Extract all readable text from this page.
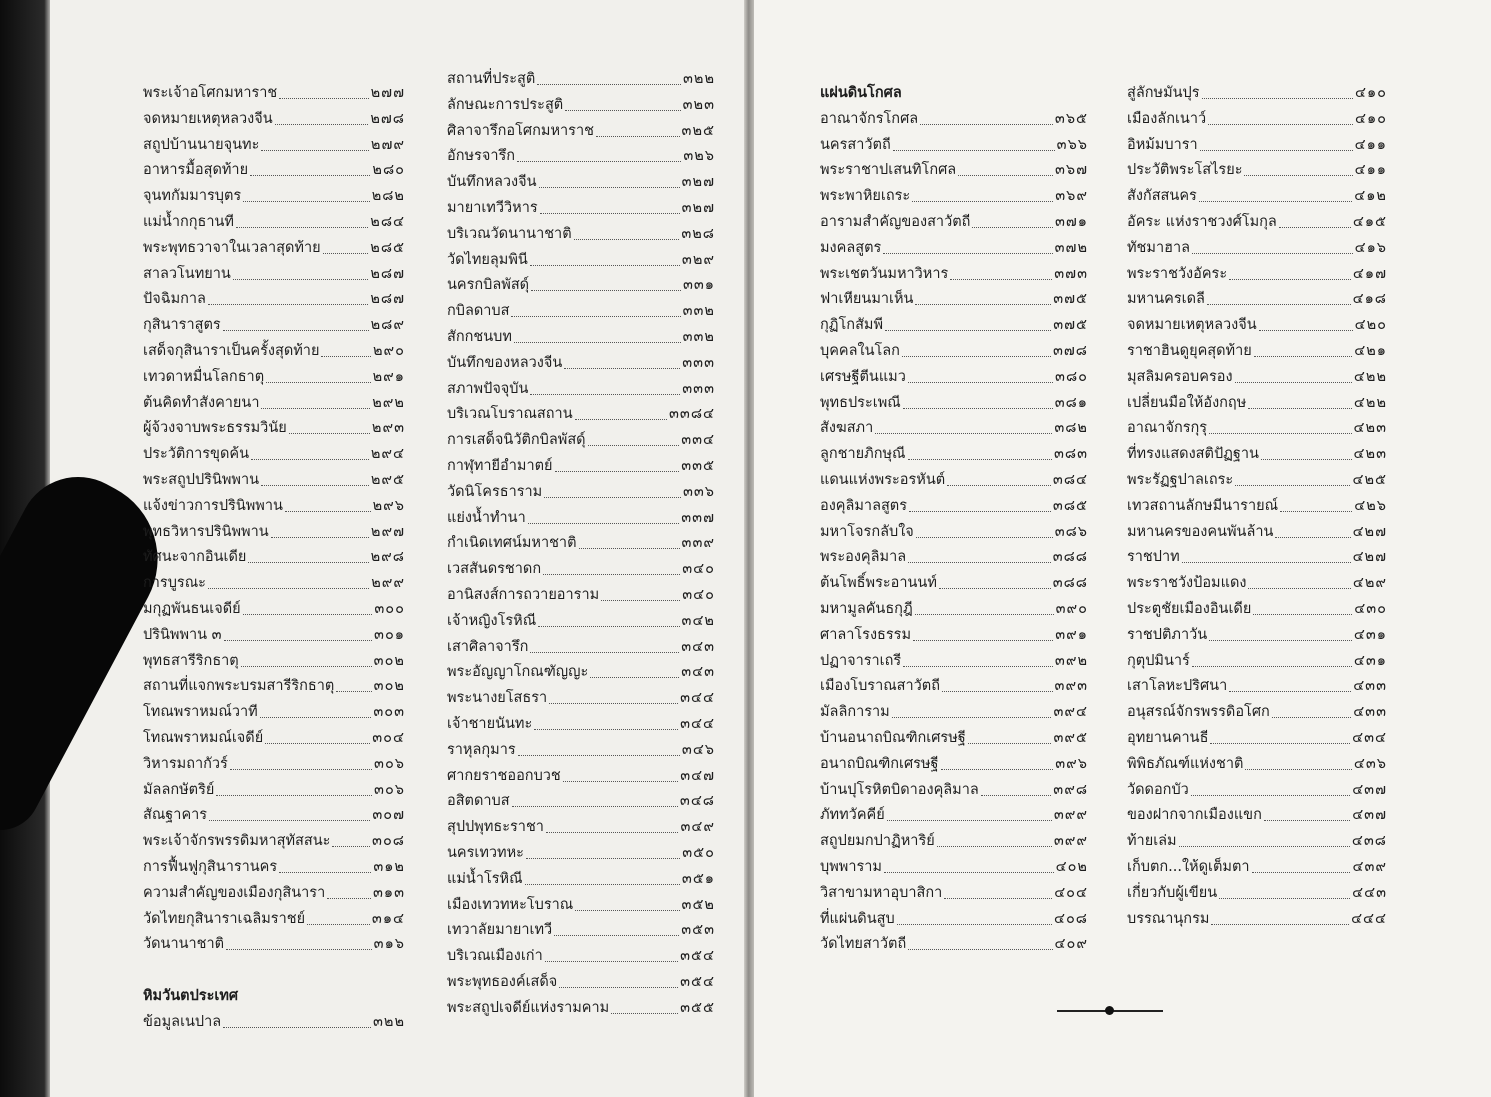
พระเจ้าอโศกมหาราช	๒๗๗
จดหมายเหตุหลวงจีน	๒๗๘
สถูปบ้านนายจุนทะ	๒๗๙
อาหารมื้อสุดท้าย	๒๘๐
จุนทกัมมารบุตร	๒๘๒
แม่น้ำกกุธานที	๒๘๔
พระพุทธวาจาในเวลาสุดท้าย	๒๘๕
สาลวโนทยาน	๒๘๗
ปัจฉิมกาล	๒๘๗
กุสินาราสูตร	๒๘๙
เสด็จกุสินาราเป็นครั้งสุดท้าย	๒๙๐
เทวดาหมื่นโลกธาตุ	๒๙๑
ต้นคิดทำสังคายนา	๒๙๒
ผู้จ้วงจาบพระธรรมวินัย	๒๙๓
ประวัติการขุดค้น	๒๙๔
พระสถูปปรินิพพาน	๒๙๕
แจ้งข่าวการปรินิพพาน	๒๙๖
พุทธวิหารปรินิพพาน	๒๙๗
ทัศนะจากอินเดีย	๒๙๘
การบูรณะ	๒๙๙
มกุฏพันธนเจดีย์	๓๐๐
ปรินิพพาน ๓	๓๐๑
พุทธสารีริกธาตุ	๓๐๒
สถานที่แจกพระบรมสารีริกธาตุ	๓๐๒
โทณพราหมณ์วาที	๓๐๓
โทณพราหมณ์เจดีย์	๓๐๔
วิหารมถากัวร์	๓๐๖
มัลลกษัตริย์	๓๐๖
สัณฐาคาร	๓๐๗
พระเจ้าจักรพรรดิมหาสุทัสสนะ	๓๐๘
การฟื้นฟูกุสินารานคร	๓๑๒
ความสำคัญของเมืองกุสินารา	๓๑๓
วัดไทยกุสินาราเฉลิมราชย์	๓๑๔
วัดนานาชาติ	๓๑๖
หิมวันตประเทศ
ข้อมูลเนปาล	๓๒๒
สถานที่ประสูติ	๓๒๒
ลักษณะการประสูติ	๓๒๓
ศิลาจารึกอโศกมหาราช	๓๒๕
อักษรจารึก	๓๒๖
บันทึกหลวงจีน	๓๒๗
มายาเทวีวิหาร	๓๒๗
บริเวณวัดนานาชาติ	๓๒๘
วัดไทยลุมพินี	๓๒๙
นครกบิลพัสดุ์	๓๓๑
กบิลดาบส	๓๓๒
สักกชนบท	๓๓๒
บันทึกของหลวงจีน	๓๓๓
สภาพปัจจุบัน	๓๓๓
บริเวณโบราณสถาน	๓๓๘๔
การเสด็จนิวัติกบิลพัสดุ์	๓๓๔
กาฬุทายีอำมาตย์	๓๓๕
วัดนิโครธาราม	๓๓๖
แย่งน้ำทำนา	๓๓๗
กำเนิดเทศน์มหาชาติ	๓๓๙
เวสสันดรชาดก	๓๔๐
อานิสงส์การถวายอาราม	๓๔๐
เจ้าหญิงโรหิณี	๓๔๒
เสาศิลาจารึก	๓๔๓
พระอัญญาโกณฑัญญะ	๓๔๓
พระนางยโสธรา	๓๔๔
เจ้าชายนันทะ	๓๔๔
ราหุลกุมาร	๓๔๖
ศากยราชออกบวช	๓๔๗
อสิตดาบส	๓๔๘
สุปปพุทธะราชา	๓๔๙
นครเทวทหะ	๓๕๐
แม่น้ำโรหิณี	๓๕๑
เมืองเทวทหะโบราณ	๓๕๒
เทวาลัยมายาเทวี	๓๕๓
บริเวณเมืองเก่า	๓๕๔
พระพุทธองค์เสด็จ	๓๕๔
พระสถูปเจดีย์แห่งรามคาม	๓๕๕
แผ่นดินโกศล
อาณาจักรโกศล	๓๖๕
นครสาวัตถี	๓๖๖
พระราชาปเสนทิโกศล	๓๖๗
พระพาหิยเถระ	๓๖๙
อารามสำคัญของสาวัตถี	๓๗๑
มงคลสูตร	๓๗๒
พระเชตวันมหาวิหาร	๓๗๓
ฟาเหียนมาเห็น	๓๗๕
กุฏิโกสัมพี	๓๗๕
บุคคลในโลก	๓๗๘
เศรษฐีตีนแมว	๓๘๐
พุทธประเพณี	๓๘๑
สังฆสภา	๓๘๒
ลูกชายภิกษุณี	๓๘๓
แดนแห่งพระอรหันต์	๓๘๔
องคุลิมาลสูตร	๓๘๕
มหาโจรกลับใจ	๓๘๖
พระองคุลิมาล	๓๘๘
ต้นโพธิ์พระอานนท์	๓๘๘
มหามูลคันธกุฎี	๓๙๐
ศาลาโรงธรรม	๓๙๑
ปฏาจาราเถรี	๓๙๒
เมืองโบราณสาวัตถี	๓๙๓
มัลลิการาม	๓๙๔
บ้านอนาถบิณฑิกเศรษฐี	๓๙๕
อนาถบิณฑิกเศรษฐี	๓๙๖
บ้านปุโรหิตบิดาองคุลิมาล	๓๙๘
ภัททวัคคีย์	๓๙๙
สถูปยมกปาฏิหาริย์	๓๙๙
บุพพาราม	๔๐๒
วิสาขามหาอุบาสิกา	๔๐๔
ที่แผ่นดินสูบ	๔๐๘
วัดไทยสาวัตถี	๔๐๙
สู่ลักษมันปุร	๔๑๐
เมืองลักเนาว์	๔๑๐
อิหม้มบารา	๔๑๑
ประวัติพระโสไรยะ	๔๑๑
สังกัสสนคร	๔๑๒
อัคระ แห่งราชวงศ์โมกุล	๔๑๕
ทัชมาฮาล	๔๑๖
พระราชวังอัคระ	๔๑๗
มหานครเดลี	๔๑๘
จดหมายเหตุหลวงจีน	๔๒๐
ราชาฮินดูยุคสุดท้าย	๔๒๑
มุสลิมครอบครอง	๔๒๒
เปลี่ยนมือให้อังกฤษ	๔๒๒
อาณาจักรกุรุ	๔๒๓
ที่ทรงแสดงสติปัฏฐาน	๔๒๓
พระรัฏฐปาลเถระ	๔๒๕
เทวสถานลักษมีนารายณ์	๔๒๖
มหานครของคนพันล้าน	๔๒๗
ราชปาท	๔๒๗
พระราชวังป้อมแดง	๔๒๙
ประตูชัยเมืองอินเดีย	๔๓๐
ราชปติภาวัน	๔๓๑
กุตุปมินาร์	๔๓๑
เสาโลหะปริศนา	๔๓๓
อนุสรณ์จักรพรรดิอโศก	๔๓๓
อุทยานคานธี	๔๓๔
พิพิธภัณฑ์แห่งชาติ	๔๓๖
วัดดอกบัว	๔๓๗
ของฝากจากเมืองแขก	๔๓๗
ท้ายเล่ม	๔๓๘
เก็บตก...ให้ดูเต็มตา	๔๓๙
เกี่ยวกับผู้เขียน	๔๔๓
บรรณานุกรม	๔๔๔
